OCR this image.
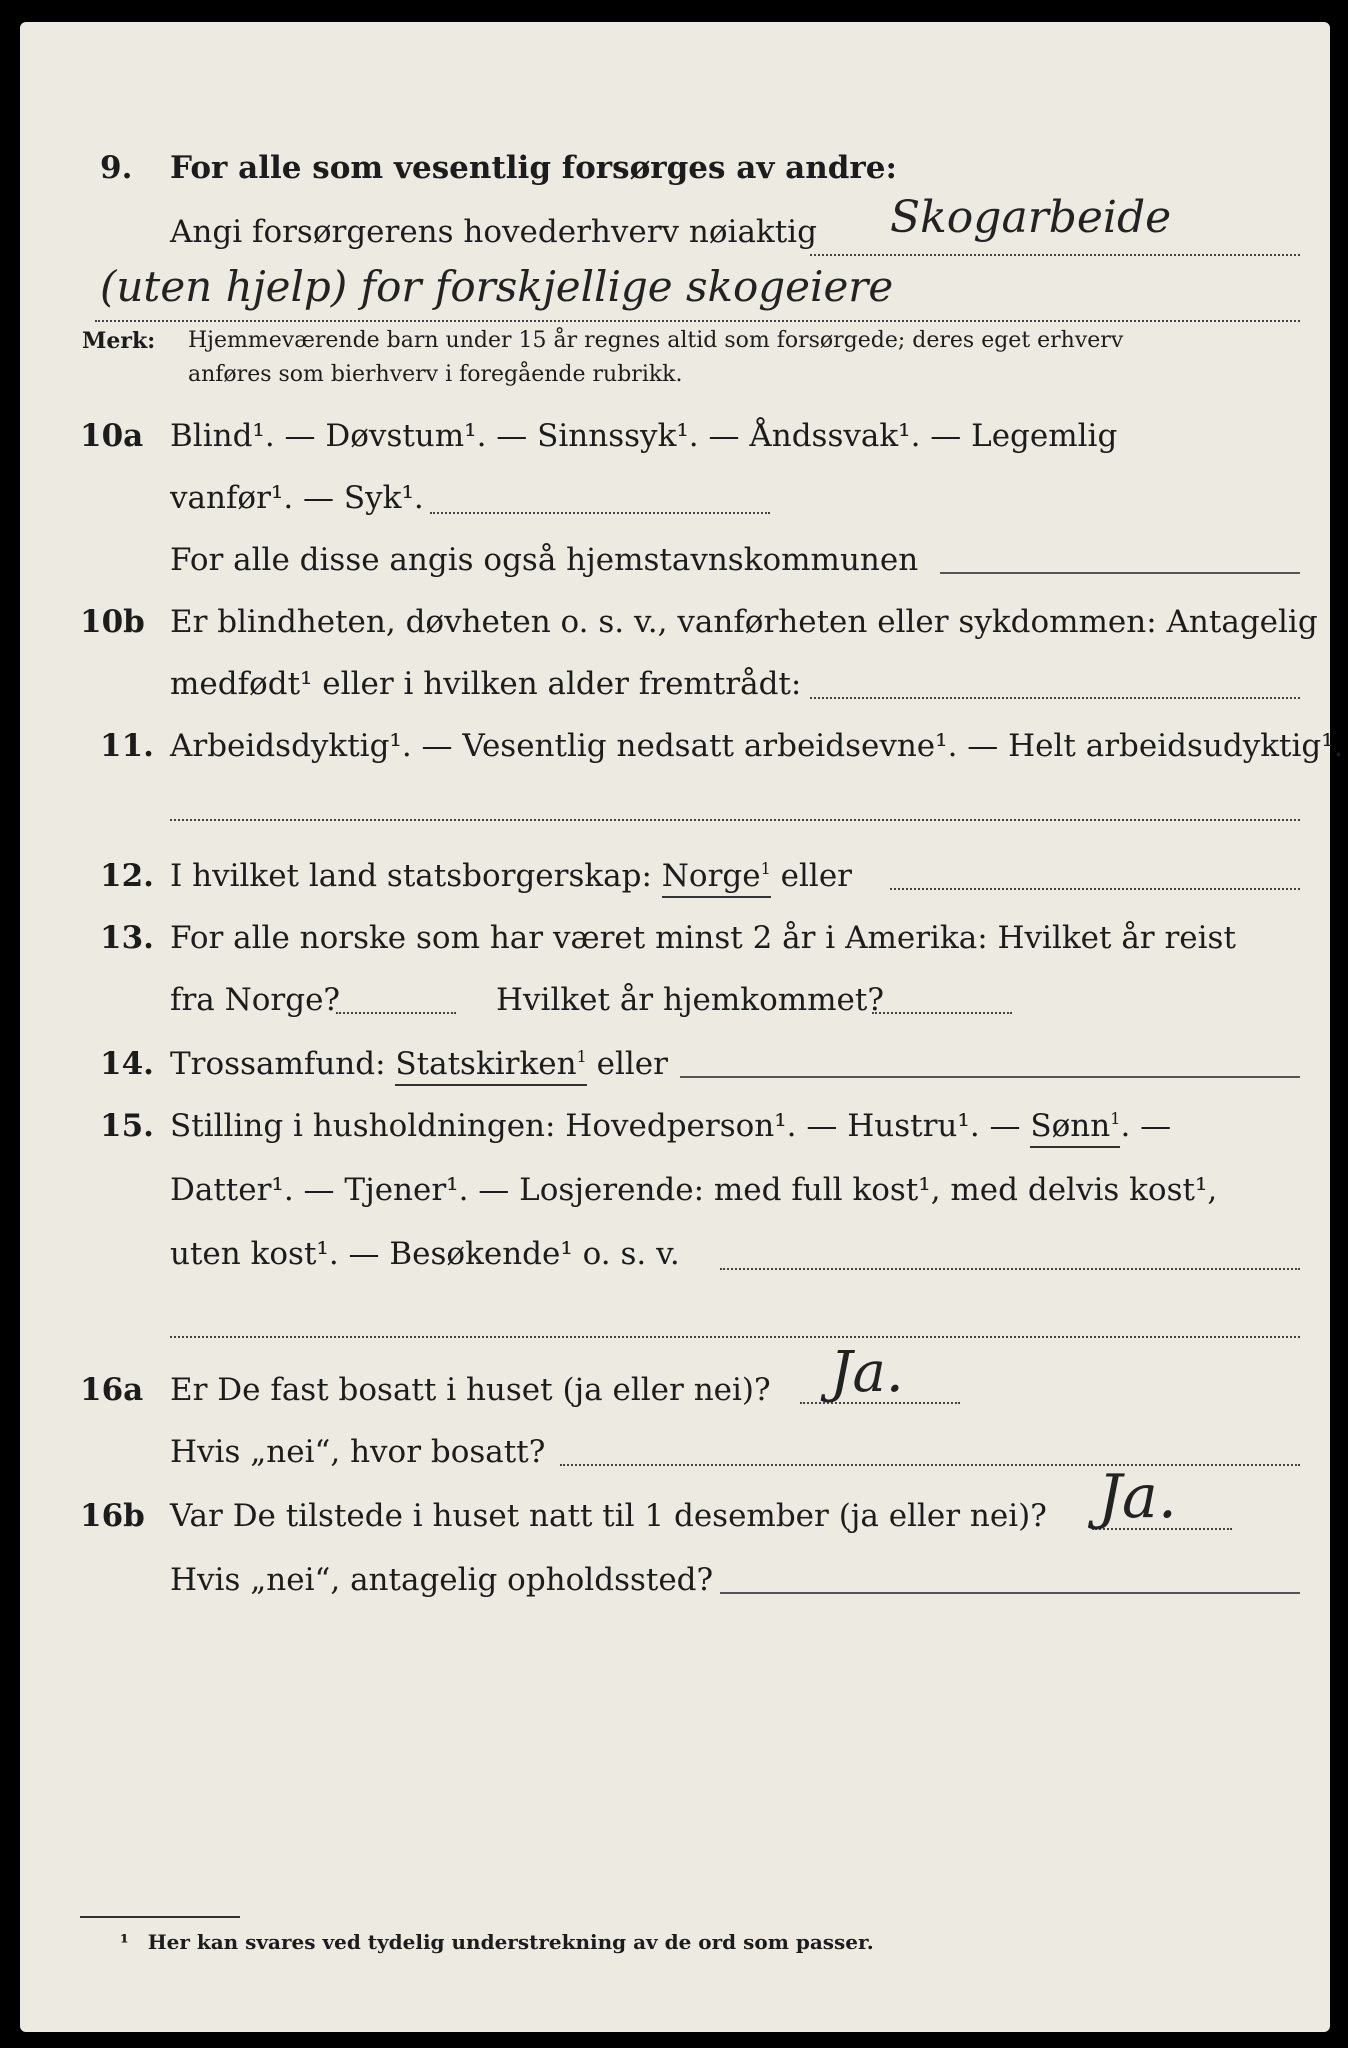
9. For alle som vesentlig forsørges av andre:
Angi forsørgerens hovederhverv nøiaktig Skogarbeide
(uten hjelp) for forskjellige skogeiere
Merk: Hjemmeværende barn under 15 år regnes altid som forsørgede; deres eget erhverv
anføres som bierhverv i foregående rubrikk.
10a Blind¹. — Døvstum¹. — Sinnssyk¹. — Åndssvak¹. — Legemlig
vanfør¹. — Syk¹.
For alle disse angis også hjemstavnskommunen
10b Er blindheten, døvheten o. s. v., vanførheten eller sykdommen: Antagelig
medfødt¹ eller i hvilken alder fremtrådt:
11. Arbeidsdyktig¹. — Vesentlig nedsatt arbeidsevne¹. — Helt arbeidsudyktig¹.
12. I hvilket land statsborgerskap: Norge$^1$ eller
13. For alle norske som har været minst 2 år i Amerika: Hvilket år reist
fra Norge?	Hvilket år hjemkommet?
14. Trossamfund: Statskirken$^1$ eller
15. Stilling i husholdningen: Hovedperson¹. — Hustru¹. — Sønn$^1$. —
Datter¹. — Tjener¹. — Losjerende: med full kost¹, med delvis kost¹,
uten kost¹. — Besøkende¹ o. s. v.
16a Er De fast bosatt i huset (ja eller nei)? Ja.
Hvis „nei“, hvor bosatt?
16b Var De tilstede i huset natt til 1 desember (ja eller nei)? Ja.
Hvis „nei“, antagelig opholdssted?
¹ Her kan svares ved tydelig understrekning av de ord som passer.
